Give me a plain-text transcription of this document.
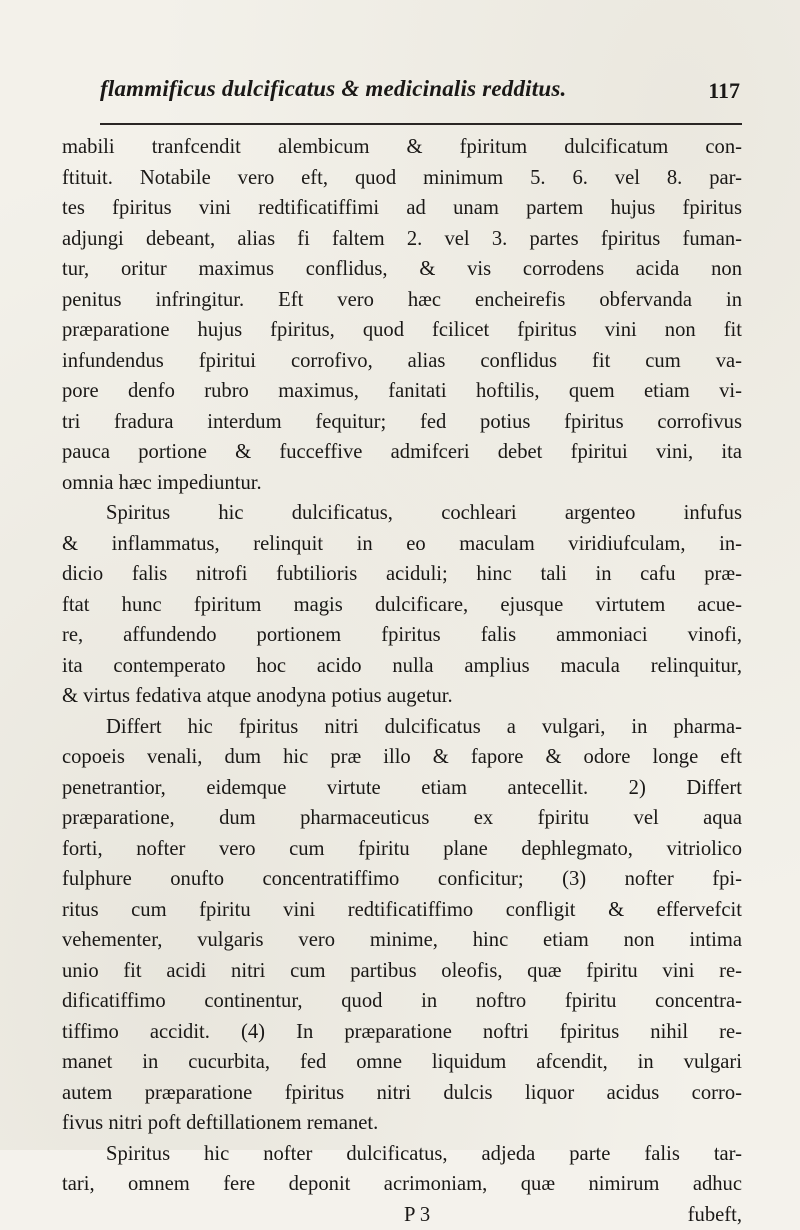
flammificus dulcificatus & medicinalis redditus.	117
mabili tranfcendit alembicum & fpiritum dulcificatum con-
ftituit. Notabile vero eft, quod minimum 5. 6. vel 8. par-
tes fpiritus vini redtificatiffimi ad unam partem hujus fpiritus
adjungi debeant, alias fi faltem 2. vel 3. partes fpiritus fuman-
tur, oritur maximus conflidus, & vis corrodens acida non
penitus infringitur. Eft vero hæc encheirefis obfervanda in
præparatione hujus fpiritus, quod fcilicet fpiritus vini non fit
infundendus fpiritui corrofivo, alias conflidus fit cum va-
pore denfo rubro maximus, fanitati hoftilis, quem etiam vi-
tri fradura interdum fequitur; fed potius fpiritus corrofivus
pauca portione & fucceffive admifceri debet fpiritui vini, ita
omnia hæc impediuntur.
Spiritus hic dulcificatus, cochleari argenteo infufus
& inflammatus, relinquit in eo maculam viridiufculam, in-
dicio falis nitrofi fubtilioris aciduli; hinc tali in cafu præ-
ftat hunc fpiritum magis dulcificare, ejusque virtutem acue-
re, affundendo portionem fpiritus falis ammoniaci vinofi,
ita contemperato hoc acido nulla amplius macula relinquitur,
& virtus fedativa atque anodyna potius augetur.
Differt hic fpiritus nitri dulcificatus a vulgari, in pharma-
copoeis venali, dum hic præ illo & fapore & odore longe eft
penetrantior, eidemque virtute etiam antecellit. 2) Differt
præparatione, dum pharmaceuticus ex fpiritu vel aqua
forti, nofter vero cum fpiritu plane dephlegmato, vitriolico
fulphure onufto concentratiffimo conficitur; (3) nofter fpi-
ritus cum fpiritu vini redtificatiffimo confligit & effervefcit
vehementer, vulgaris vero minime, hinc etiam non intima
unio fit acidi nitri cum partibus oleofis, quæ fpiritu vini re-
dificatiffimo continentur, quod in noftro fpiritu concentra-
tiffimo accidit. (4) In præparatione noftri fpiritus nihil re-
manet in cucurbita, fed omne liquidum afcendit, in vulgari
autem præparatione fpiritus nitri dulcis liquor acidus corro-
fivus nitri poft deftillationem remanet.
Spiritus hic nofter dulcificatus, adjeda parte falis tar-
tari, omnem fere deponit acrimoniam, quæ nimirum adhuc
P 3	fubeft,
